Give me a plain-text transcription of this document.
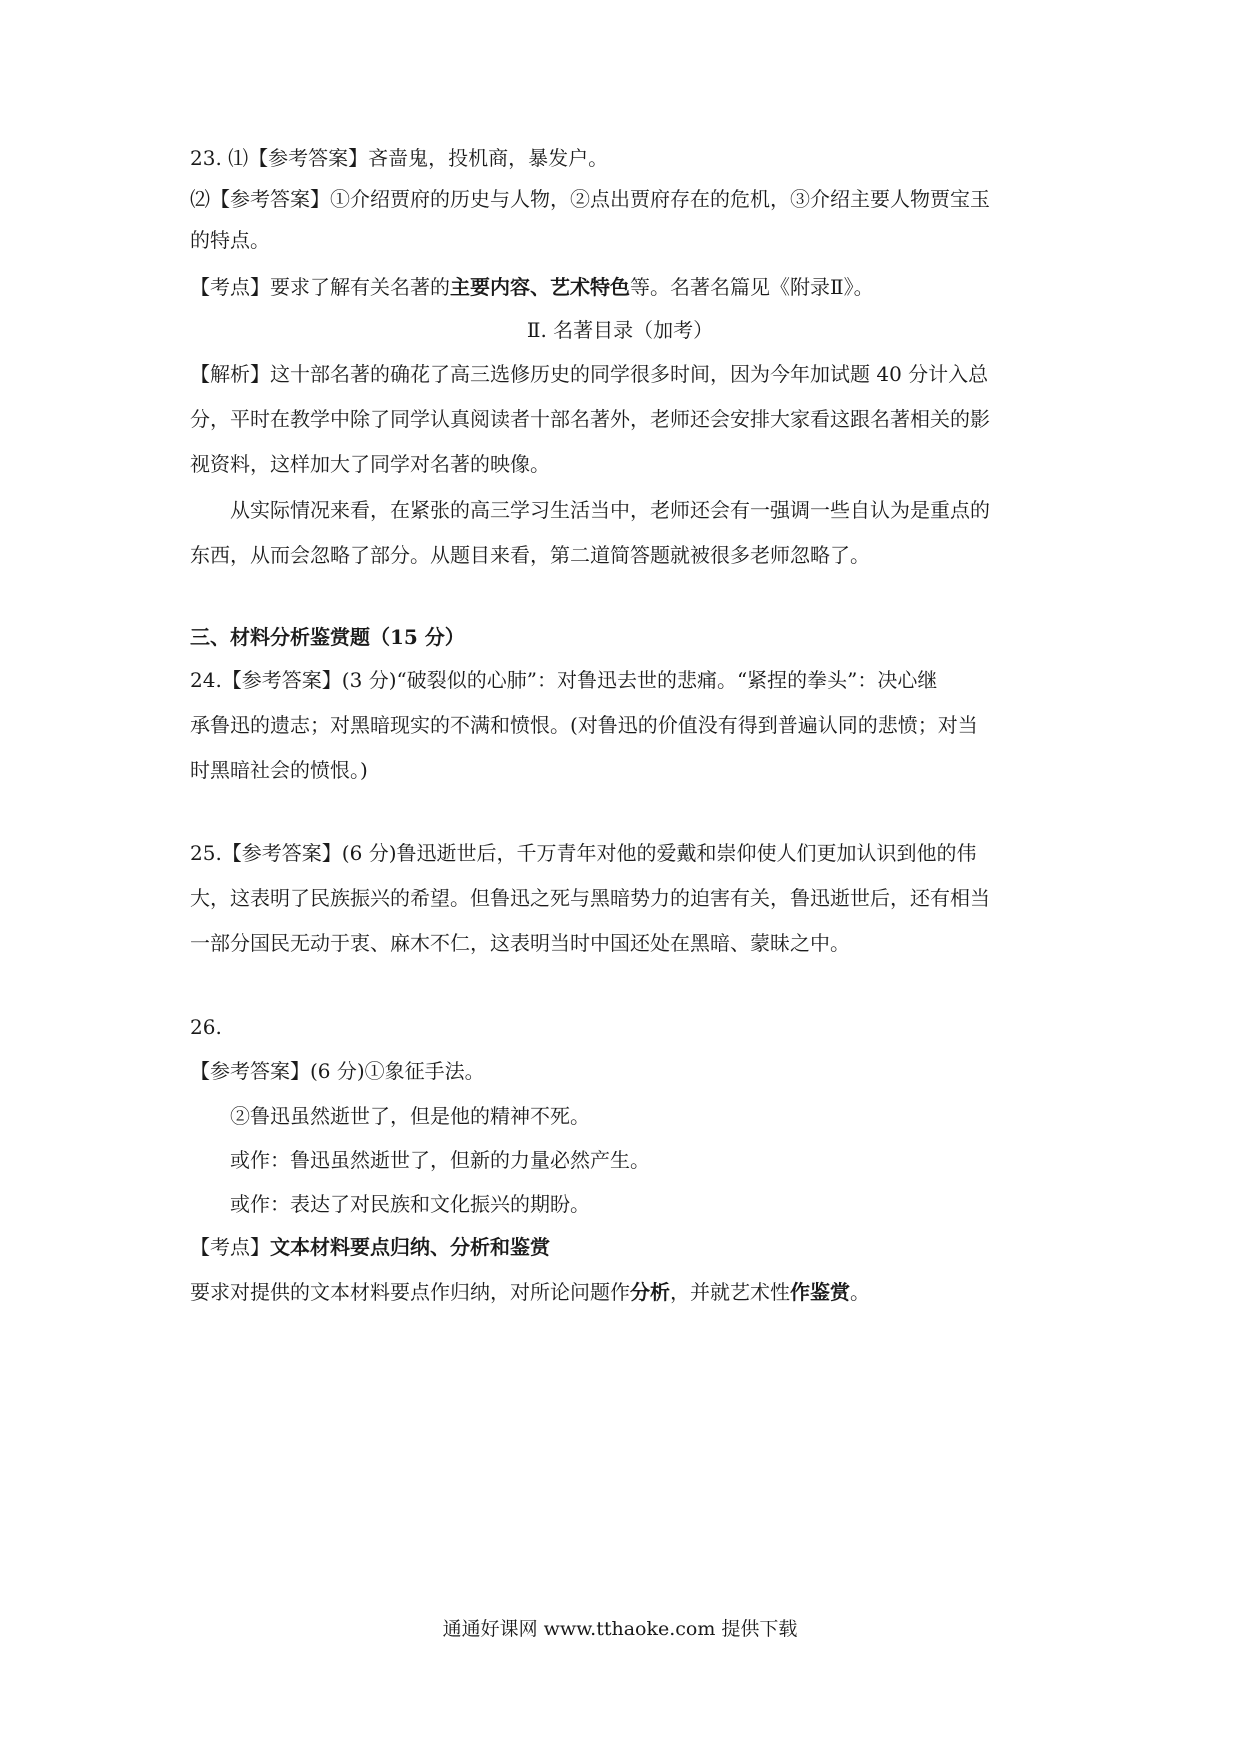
23. ⑴【参考答案】吝啬鬼，投机商，暴发户。
⑵【参考答案】①介绍贾府的历史与人物，②点出贾府存在的危机，③介绍主要人物贾宝玉
的特点。
【考点】要求了解有关名著的主要内容、艺术特色等。名著名篇见《附录Ⅱ》。
Ⅱ. 名著目录（加考）
【解析】这十部名著的确花了高三选修历史的同学很多时间，因为今年加试题 40 分计入总
分，平时在教学中除了同学认真阅读者十部名著外，老师还会安排大家看这跟名著相关的影
视资料，这样加大了同学对名著的映像。
从实际情况来看，在紧张的高三学习生活当中，老师还会有一强调一些自认为是重点的
东西，从而会忽略了部分。从题目来看，第二道简答题就被很多老师忽略了。
三、材料分析鉴赏题（15 分）
24.【参考答案】(3 分)“破裂似的心肺”：对鲁迅去世的悲痛。“紧捏的拳头”：决心继
承鲁迅的遗志；对黑暗现实的不满和愤恨。(对鲁迅的价值没有得到普遍认同的悲愤；对当
时黑暗社会的愤恨。)
25.【参考答案】(6 分)鲁迅逝世后，千万青年对他的爱戴和崇仰使人们更加认识到他的伟
大，这表明了民族振兴的希望。但鲁迅之死与黑暗势力的迫害有关，鲁迅逝世后，还有相当
一部分国民无动于衷、麻木不仁，这表明当时中国还处在黑暗、蒙昧之中。
26.
【参考答案】(6 分)①象征手法。
②鲁迅虽然逝世了，但是他的精神不死。
或作：鲁迅虽然逝世了，但新的力量必然产生。
或作：表达了对民族和文化振兴的期盼。
【考点】文本材料要点归纳、分析和鉴赏
要求对提供的文本材料要点作归纳，对所论问题作分析，并就艺术性作鉴赏。
通通好课网 www.tthaoke.com 提供下载
